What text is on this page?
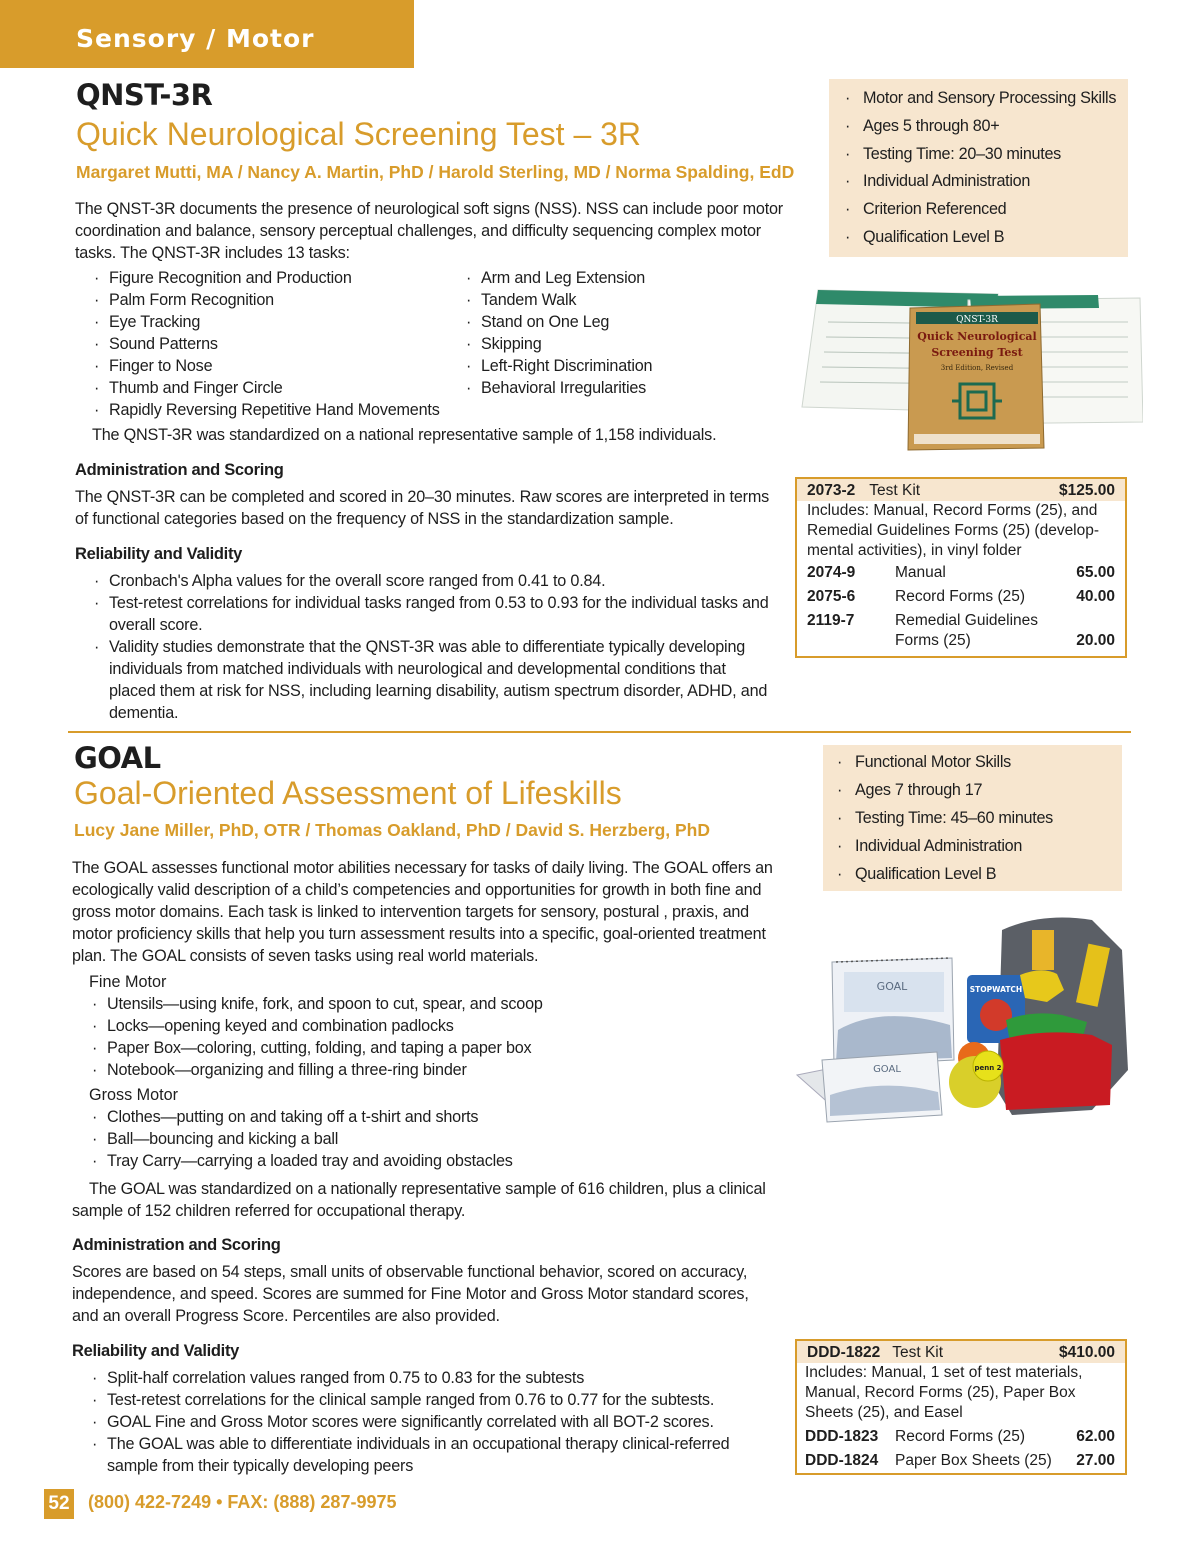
Sensory / Motor
QNST-3R
Quick Neurological Screening Test – 3R
Margaret Mutti, MA / Nancy A. Martin, PhD / Harold Sterling, MD / Norma Spalding, EdD
The QNST-3R documents the presence of neurological soft signs (NSS). NSS can include poor motor coordination and balance, sensory perceptual challenges, and difficulty sequencing complex motor tasks. The QNST-3R includes 13 tasks:
· Figure Recognition and Production
· Palm Form Recognition
· Eye Tracking
· Sound Patterns
· Finger to Nose
· Thumb and Finger Circle
· Rapidly Reversing Repetitive Hand Movements
· Arm and Leg Extension
· Tandem Walk
· Stand on One Leg
· Skipping
· Left-Right Discrimination
· Behavioral Irregularities
The QNST-3R was standardized on a national representative sample of 1,158 individuals.
Administration and Scoring
The QNST-3R can be completed and scored in 20–30 minutes. Raw scores are interpreted in terms of functional categories based on the frequency of NSS in the standardization sample.
Reliability and Validity
· Cronbach's Alpha values for the overall score ranged from 0.41 to 0.84.
· Test-retest correlations for individual tasks ranged from 0.53 to 0.93 for the individual tasks and overall score.
· Validity studies demonstrate that the QNST-3R was able to differentiate typically developing individuals from matched individuals with neurological and developmental conditions that placed them at risk for NSS, including learning disability, autism spectrum disorder, ADHD, and dementia.
· Motor and Sensory Processing Skills
· Ages 5 through 80+
· Testing Time: 20–30 minutes
· Individual Administration
· Criterion Referenced
· Qualification Level B
QNST-3R
Quick Neurological
Screening Test
3rd Edition, Revised
2073-2 Test Kit	$125.00
Includes: Manual, Record Forms (25), and Remedial Guidelines Forms (25) (develop-mental activities), in vinyl folder
2074-9	Manual	65.00
2075-6	Record Forms (25)	40.00
2119-7	Remedial Guidelines Forms (25)	20.00
GOAL
Goal-Oriented Assessment of Lifeskills
Lucy Jane Miller, PhD, OTR / Thomas Oakland, PhD / David S. Herzberg, PhD
The GOAL assesses functional motor abilities necessary for tasks of daily living. The GOAL offers an ecologically valid description of a child’s competencies and opportunities for growth in both fine and gross motor domains. Each task is linked to intervention targets for sensory, postural , praxis, and motor proficiency skills that help you turn assessment results into a specific, goal-oriented treatment plan. The GOAL consists of seven tasks using real world materials.
Fine Motor
· Utensils—using knife, fork, and spoon to cut, spear, and scoop
· Locks—opening keyed and combination padlocks
· Paper Box—coloring, cutting, folding, and taping a paper box
· Notebook—organizing and filling a three-ring binder
Gross Motor
· Clothes—putting on and taking off a t-shirt and shorts
· Ball—bouncing and kicking a ball
· Tray Carry—carrying a loaded tray and avoiding obstacles
The GOAL was standardized on a nationally representative sample of 616 children, plus a clinical sample of 152 children referred for occupational therapy.
Administration and Scoring
Scores are based on 54 steps, small units of observable functional behavior, scored on accuracy, independence, and speed. Scores are summed for Fine Motor and Gross Motor standard scores, and an overall Progress Score. Percentiles are also provided.
Reliability and Validity
· Split-half correlation values ranged from 0.75 to 0.83 for the subtests
· Test-retest correlations for the clinical sample ranged from 0.76 to 0.77 for the subtests.
· GOAL Fine and Gross Motor scores were significantly correlated with all BOT-2 scores.
· The GOAL was able to differentiate individuals in an occupational therapy clinical-referred sample from their typically developing peers
· Functional Motor Skills
· Ages 7 through 17
· Testing Time: 45–60 minutes
· Individual Administration
· Qualification Level B
GOAL
GOAL
STOPWATCH
penn 2
DDD-1822 Test Kit	$410.00
Includes: Manual, 1 set of test materials, Manual, Record Forms (25), Paper Box Sheets (25), and Easel
DDD-1823	Record Forms (25)	62.00
DDD-1824	Paper Box Sheets (25) 27.00
52 (800) 422-7249 • FAX: (888) 287-9975
